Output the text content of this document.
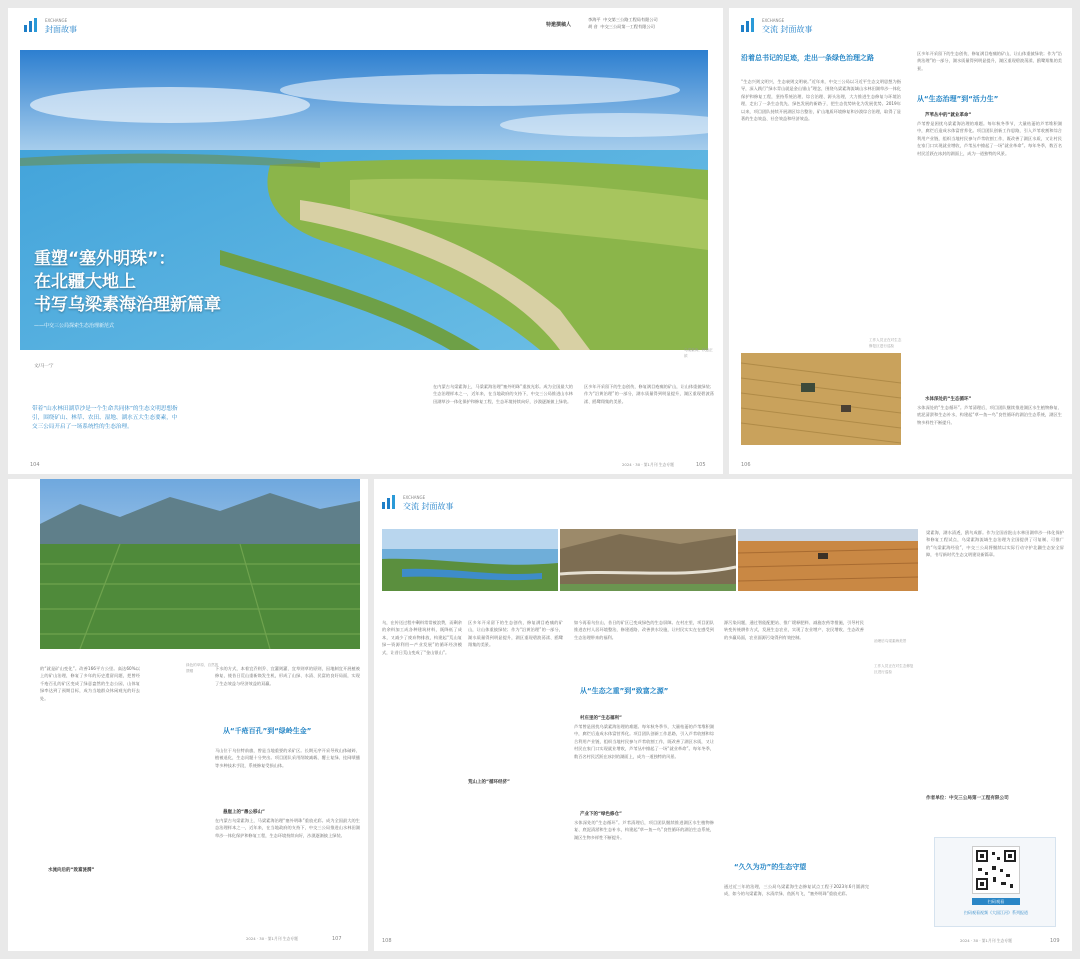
EXCHANGE
封面故事	特邀撰稿人
李海平 中交第三公路工程局有限公司
胡 音 中交三公局第一工程有限公司
重塑“塞外明珠”：
在北疆大地上
书写乌梁素海治理新篇章
——中交三公局探索生态治理新范式
乌梁素海，秋意正浓
文/马一宁
带着“山水林田湖草沙是一个生命共同体”的生态文明思想指引，围绕矿山、林草、农田、湿地、湖水五大生态要素，中交三公局开启了一场系统性的生态治理。
在内蒙古乌梁素海上，马梁素海治理“塞外明珠”重放光彩。成为全国最大的生态治理样本之一，近年来，在当地政府的支持下，中交三公局推进山水林田湖草沙一体化保护和修复工程，生态环境持续向好，沙漠逐渐披上绿装。
区多年开采留下的生态创伤，修复满目疮痍的矿山，让山体重披绿装；作为“沿黄治理”的一部分，湖水质量得到明显提升，湖区重现碧波荡漾、鸥鹭翔集的美景。
104	2024 · 30 · 第1月刊 生态专题	105
EXCHANGE
交流 封面故事
沿着总书记的足迹，走出一条绿色治理之路
“生态兴则文明兴，生态衰则文明衰。”近年来，中交三公局以习近平生态文明思想为指导，深入践行“绿水青山就是金山银山”理念，围绕乌梁素海流域山水林田湖草沙一体化保护和修复工程，坚持系统治理、综合治理、源头治理，大力推进生态修复与环境治理，走出了一条生态优先、绿色发展的新路子，把生态优势转化为发展优势。2019年以来，项目团队持续开展湖区综合整治，矿山地质环境修复和沙漠综合治理，取得了显著的生态效益、社会效益和经济效益。
区多年开采留下的生态创伤，修复满目疮痍的矿山，让山体重披绿装；作为“沿黄治理”的一部分，湖水质量得到明显提升，湖区重现碧波荡漾、鸥鹭翔集的美景。
从“生态治理”到“活力生”
芦苇丛中的“就业革命”
芦苇曾是困扰乌梁素海治理的难题。每年秋冬季节，大量枯萎的芦苇堆积湖中，腐烂后造成水体富营养化。项目团队创新工作思路，引入芦苇收割和综合利用产业链，组织当地村民参与芦苇收割工作，既改善了湖区水质，又让村民在家门口实现就业增收，芦苇丛中掀起了一场“就业革命”。每年冬季，数百名村民活跃在冰封的湖面上，成为一道独特的风景。
水体深处的“生态循环”
水体深处的“生态循环”。芦苇清理后，项目团队继续推进湖区水生植物修复、底泥清淤和生态补水，构建起“草—鱼—鸟”良性循环的湖泊生态系统，湖区生物多样性不断提升。
工作人员正在对生态修复区进行巡检
106
绿色的草原，自然的馈赠
的“就是矿山变化”。改善166平方公里。高达60%以上的矿山治理，修复了多年的历史遗留问题，把曾经千疮百孔的矿区变成了绿意盎然的生态公园，山体复绿率达到了预期目标，成为当地群众休闲观光的好去处。
下水的方式，本着宜乔则乔、宜灌则灌、宜草则草的原则，因地制宜开展植被修复，使昔日荒山重新焕发生机，形成了山绿、水清、民富的良好局面，实现了生态效益与经济效益的双赢。
从“千疮百孔”到“绿岭生金”
马山位于乌拉特前旗，曾是当地重要的采矿区。长期无序开采导致山体破碎、植被退化，生态问题十分突出。项目团队采用削坡减载、覆土复绿、挂网喷播等多种技术手段，系统修复受损山体。
悬崖上的“愚公移山”
在内蒙古乌梁素海上，马梁素海治理“塞外明珠”重放光彩。成为全国最大的生态治理样本之一，近年来，在当地政府的支持下，中交三公局推进山水林田湖草沙一体化保护和修复工程，生态环境持续向好，沙漠逐渐披上绿装。
水流向后的“致富涟漪”
2024 · 30 · 第1月刊 生态专题	107
EXCHANGE
交流 封面故事
乌，在传送过程中剩料常常被浪费，而剩余的余料加工成各种建筑材料，既降低了成本，又减少了废弃物排放，构建起“荒山复绿—资源利用—产业发展”的循环经济模式，让昔日荒山变成了“金山银山”。
荒山上的“循环经济”
区多年开采留下的生态创伤，修复满目疮痍的矿山，让山体重披绿装；作为“沿黄治理”的一部分，湖水质量得到明显提升，湖区重现碧波荡漾、鸥鹭翔集的美景。
如今再看乌拉山，昔日的矿区已变成绿色的生态屏障。在村庄里，项目团队推进农村人居环境整治，修建道路、改善供水设施，让村民实实在在感受到生态治理带来的福利。
从“生态之重”到“致富之源”
村庄里的“生态福利”
芦苇曾是困扰乌梁素海治理的难题。每年秋冬季节，大量枯萎的芦苇堆积湖中，腐烂后造成水体富营养化。项目团队创新工作思路，引入芦苇收割和综合利用产业链，组织当地村民参与芦苇收割工作，既改善了湖区水质，又让村民在家门口实现就业增收，芦苇丛中掀起了一场“就业革命”。每年冬季，数百名村民活跃在冰封的湖面上，成为一道独特的风景。
产业下的“绿色修仓”
水体深处的“生态循环”。芦苇清理后，项目团队继续推进湖区水生植物修复、底泥清淤和生态补水，构建起“草—鱼—鸟”良性循环的湖泊生态系统，湖区生物多样性不断提升。
源污染问题，通过智能配肥站、推广缓释肥料、减施农药等措施，引导村民转变传统耕作方式，发展生态农业，实现了农业增产、农民增收、生态改善的多赢局面，农业面源污染得到有效控制。
“久久为功”的生态守望
通过近三年的治理，三公局乌梁素海生态修复试点工程于2023年6月圆满完成，如今的乌梁素海，水清岸绿、鱼跃鸟飞，“塞外明珠”重放光彩。
治理后乌梁素海美景
工作人员正在对生态修复区进行巡检
梁素海，湖水清透，鸥鸟成群。作为全国首批山水林田湖草沙一体化保护和修复工程试点，乌梁素海流域生态治理为全国提供了可复制、可推广的“乌梁素海经验”，中交三公局将继续以实际行动守护北疆生态安全屏障，书写新时代生态文明建设新篇章。
作者单位：中交三公局第一工程有限公司
扫码观看
扫码观看视频《大国江河》系列报道
108	2024 · 30 · 第1月刊 生态专题	109
